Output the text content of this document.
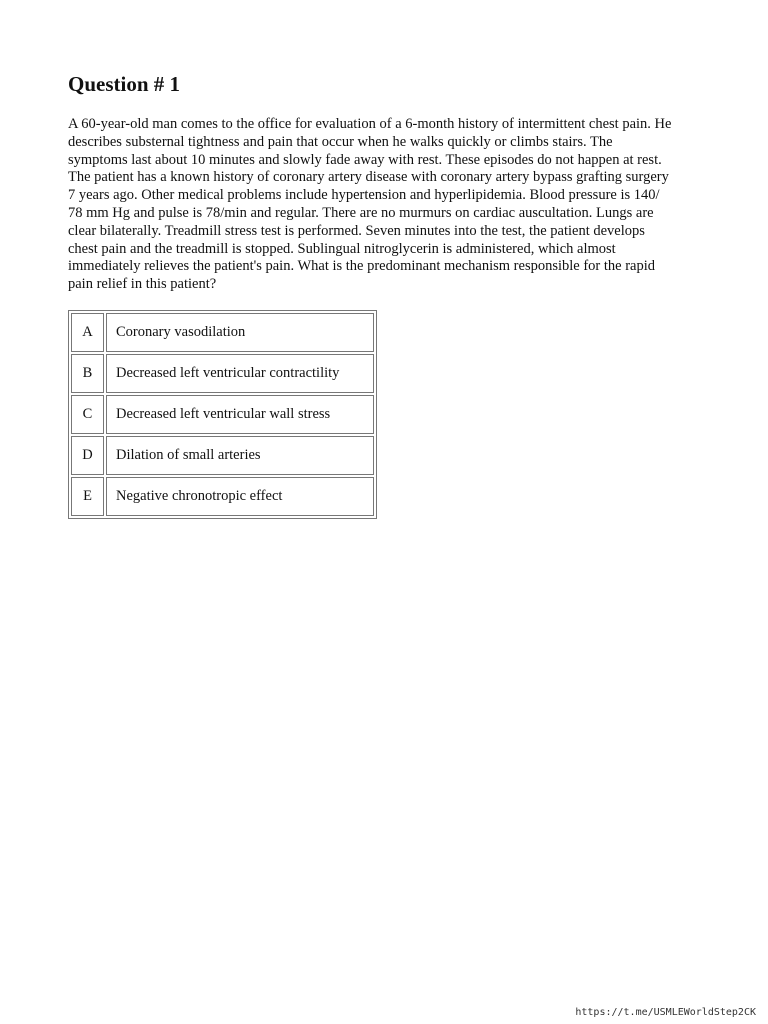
Question # 1
A 60-year-old man comes to the office for evaluation of a 6-month history of intermittent chest pain. He
describes substernal tightness and pain that occur when he walks quickly or climbs stairs. The
symptoms last about 10 minutes and slowly fade away with rest. These episodes do not happen at rest.
The patient has a known history of coronary artery disease with coronary artery bypass grafting surgery
7 years ago. Other medical problems include hypertension and hyperlipidemia. Blood pressure is 140/
78 mm Hg and pulse is 78/min and regular. There are no murmurs on cardiac auscultation. Lungs are
clear bilaterally. Treadmill stress test is performed. Seven minutes into the test, the patient develops
chest pain and the treadmill is stopped. Sublingual nitroglycerin is administered, which almost
immediately relieves the patient's pain. What is the predominant mechanism responsible for the rapid
pain relief in this patient?
A	Coronary vasodilation
B	Decreased left ventricular contractility
C	Decreased left ventricular wall stress
D	Dilation of small arteries
E	Negative chronotropic effect
https://t.me/USMLEWorldStep2CK
